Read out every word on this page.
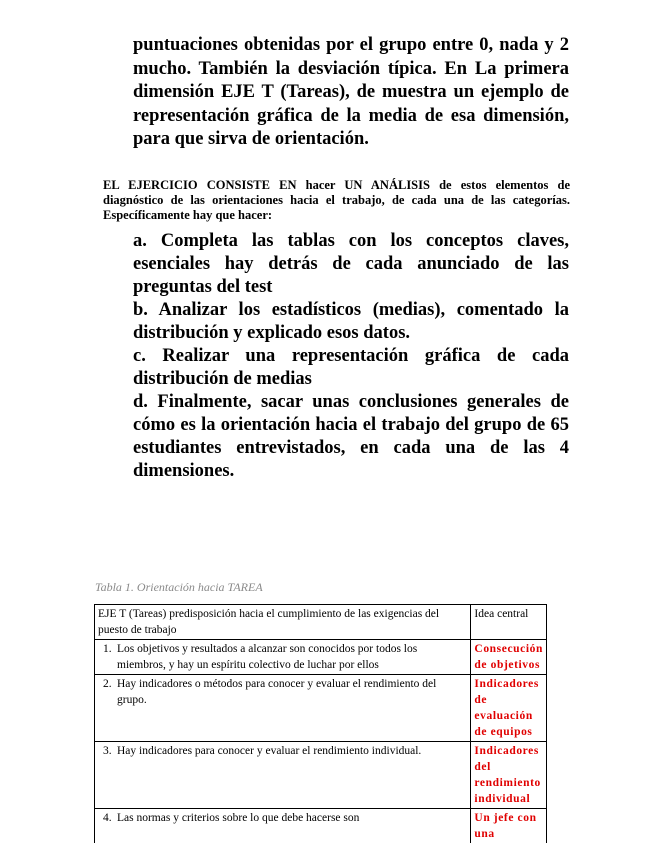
puntuaciones obtenidas por el grupo entre 0, nada y 2 mucho. También la desviación típica. En La primera dimensión EJE T (Tareas), de muestra un ejemplo de representación gráfica de la media de esa dimensión, para que sirva de orientación.

EL EJERCICIO CONSISTE EN hacer UN ANÁLISIS de estos elementos de diagnóstico de las orientaciones hacia el trabajo, de cada una de las categorías. Específicamente hay que hacer:

a. Completa las tablas con los conceptos claves, esenciales hay detrás de cada anunciado de las preguntas del test
b. Analizar los estadísticos (medias), comentado la distribución y explicado esos datos.
c. Realizar una representación gráfica de cada distribución de medias
d. Finalmente, sacar unas conclusiones generales de cómo es la orientación hacia el trabajo del grupo de 65 estudiantes entrevistados, en cada una de las 4 dimensiones.

Tabla 1. Orientación hacia TAREA

EJE T (Tareas) predisposición hacia el cumplimiento de las exigencias del puesto de trabajo	Idea central
1. Los objetivos y resultados a alcanzar son conocidos por todos los miembros, y hay un espíritu colectivo de luchar por ellos	Consecución de objetivos
2. Hay indicadores o métodos para conocer y evaluar el rendimiento del grupo.	Indicadores de evaluación de equipos
3. Hay indicadores para conocer y evaluar el rendimiento individual.	Indicadores del rendimiento individual
4. Las normas y criterios sobre lo que debe hacerse son	Un jefe con una
